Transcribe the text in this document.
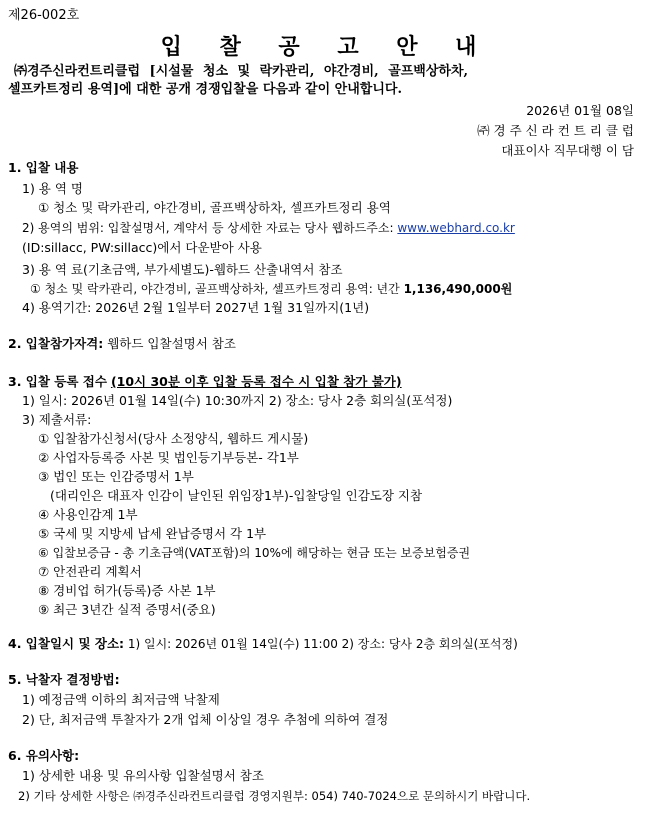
제26-002호
입 찰 공 고 안 내
㈜경주신라컨트리클럽 [시설물 청소 및 락카관리, 야간경비, 골프백상하차,
셀프카트정리 용역]에 대한 공개 경쟁입찰을 다음과 같이 안내합니다.
2026년 01월 08일
㈜ 경 주 신 라 컨 트 리 클 럽
대표이사 직무대행 이 담
1. 입찰 내용
1) 용 역 명
① 청소 및 락카관리, 야간경비, 골프백상하차, 셀프카트정리 용역
2) 용역의 범위: 입찰설명서, 계약서 등 상세한 자료는 당사 웹하드주소: www.webhard.co.kr
(ID:sillacc, PW:sillacc)에서 다운받아 사용
3) 용 역 료(기초금액, 부가세별도)-웹하드 산출내역서 참조
① 청소 및 락카관리, 야간경비, 골프백상하차, 셀프카트정리 용역: 년간 1,136,490,000원
4) 용역기간: 2026년 2월 1일부터 2027년 1월 31일까지(1년)
2. 입찰참가자격: 웹하드 입찰설명서 참조
3. 입찰 등록 접수 (10시 30분 이후 입찰 등록 접수 시 입찰 참가 불가)
1) 일시: 2026년 01월 14일(수) 10:30까지 2) 장소: 당사 2층 회의실(포석정)
3) 제출서류:
① 입찰참가신청서(당사 소정양식, 웹하드 게시물)
② 사업자등록증 사본 및 법인등기부등본- 각1부
③ 법인 또는 인감증명서 1부
(대리인은 대표자 인감이 날인된 위임장1부)-입찰당일 인감도장 지참
④ 사용인감계 1부
⑤ 국세 및 지방세 납세 완납증명서 각 1부
⑥ 입찰보증금 - 총 기초금액(VAT포함)의 10%에 해당하는 현금 또는 보증보험증권
⑦ 안전관리 계획서
⑧ 경비업 허가(등록)증 사본 1부
⑨ 최근 3년간 실적 증명서(중요)
4. 입찰일시 및 장소: 1) 일시: 2026년 01월 14일(수) 11:00 2) 장소: 당사 2층 회의실(포석정)
5. 낙찰자 결정방법:
1) 예정금액 이하의 최저금액 낙찰제
2) 단, 최저금액 투찰자가 2개 업체 이상일 경우 추첨에 의하여 결정
6. 유의사항:
1) 상세한 내용 및 유의사항 입찰설명서 참조
2) 기타 상세한 사항은 ㈜경주신라컨트리클럽 경영지원부: 054) 740-7024으로 문의하시기 바랍니다.
